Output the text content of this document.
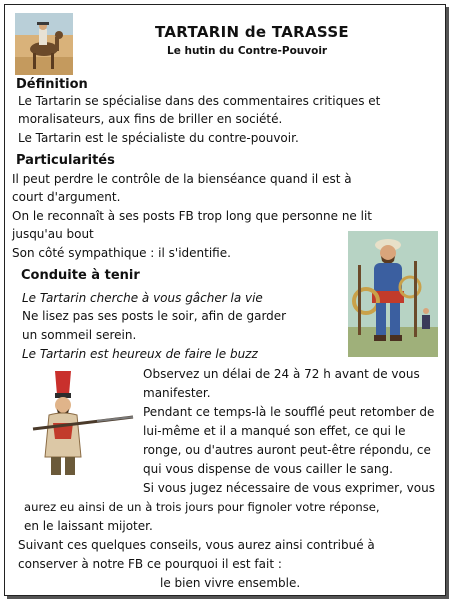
TARTARIN de TARASSE
Le hutin du Contre-Pouvoir
Définition
Le Tartarin se spécialise dans des commentaires critiques et
moralisateurs, aux fins de briller en société.
Le Tartarin est le spécialiste du contre-pouvoir.
Particularités
Il peut perdre le contrôle de la bienséance quand il est à
court d'argument.
On le reconnaît à ses posts FB trop long que personne ne lit
jusqu'au bout
Son côté sympathique : il s'identifie.
Conduite à tenir
Le Tartarin cherche à vous gâcher la vie
Ne lisez pas ses posts le soir, afin de garder
un sommeil serein.
Le Tartarin est heureux de faire le buzz
Observez un délai de 24 à 72 h avant de vous
manifester.
Pendant ce temps-là le soufflé peut retomber de
lui-même et il a manqué son effet, ce qui le
ronge, ou d'autres auront peut-être répondu, ce
qui vous dispense de vous cailler le sang.
Si vous jugez nécessaire de vous exprimer, vous
aurez eu ainsi de un à trois jours pour fignoler votre réponse,
en le laissant mijoter.
Suivant ces quelques conseils, vous aurez ainsi contribué à
conserver à notre FB ce pourquoi il est fait :
le bien vivre ensemble.
